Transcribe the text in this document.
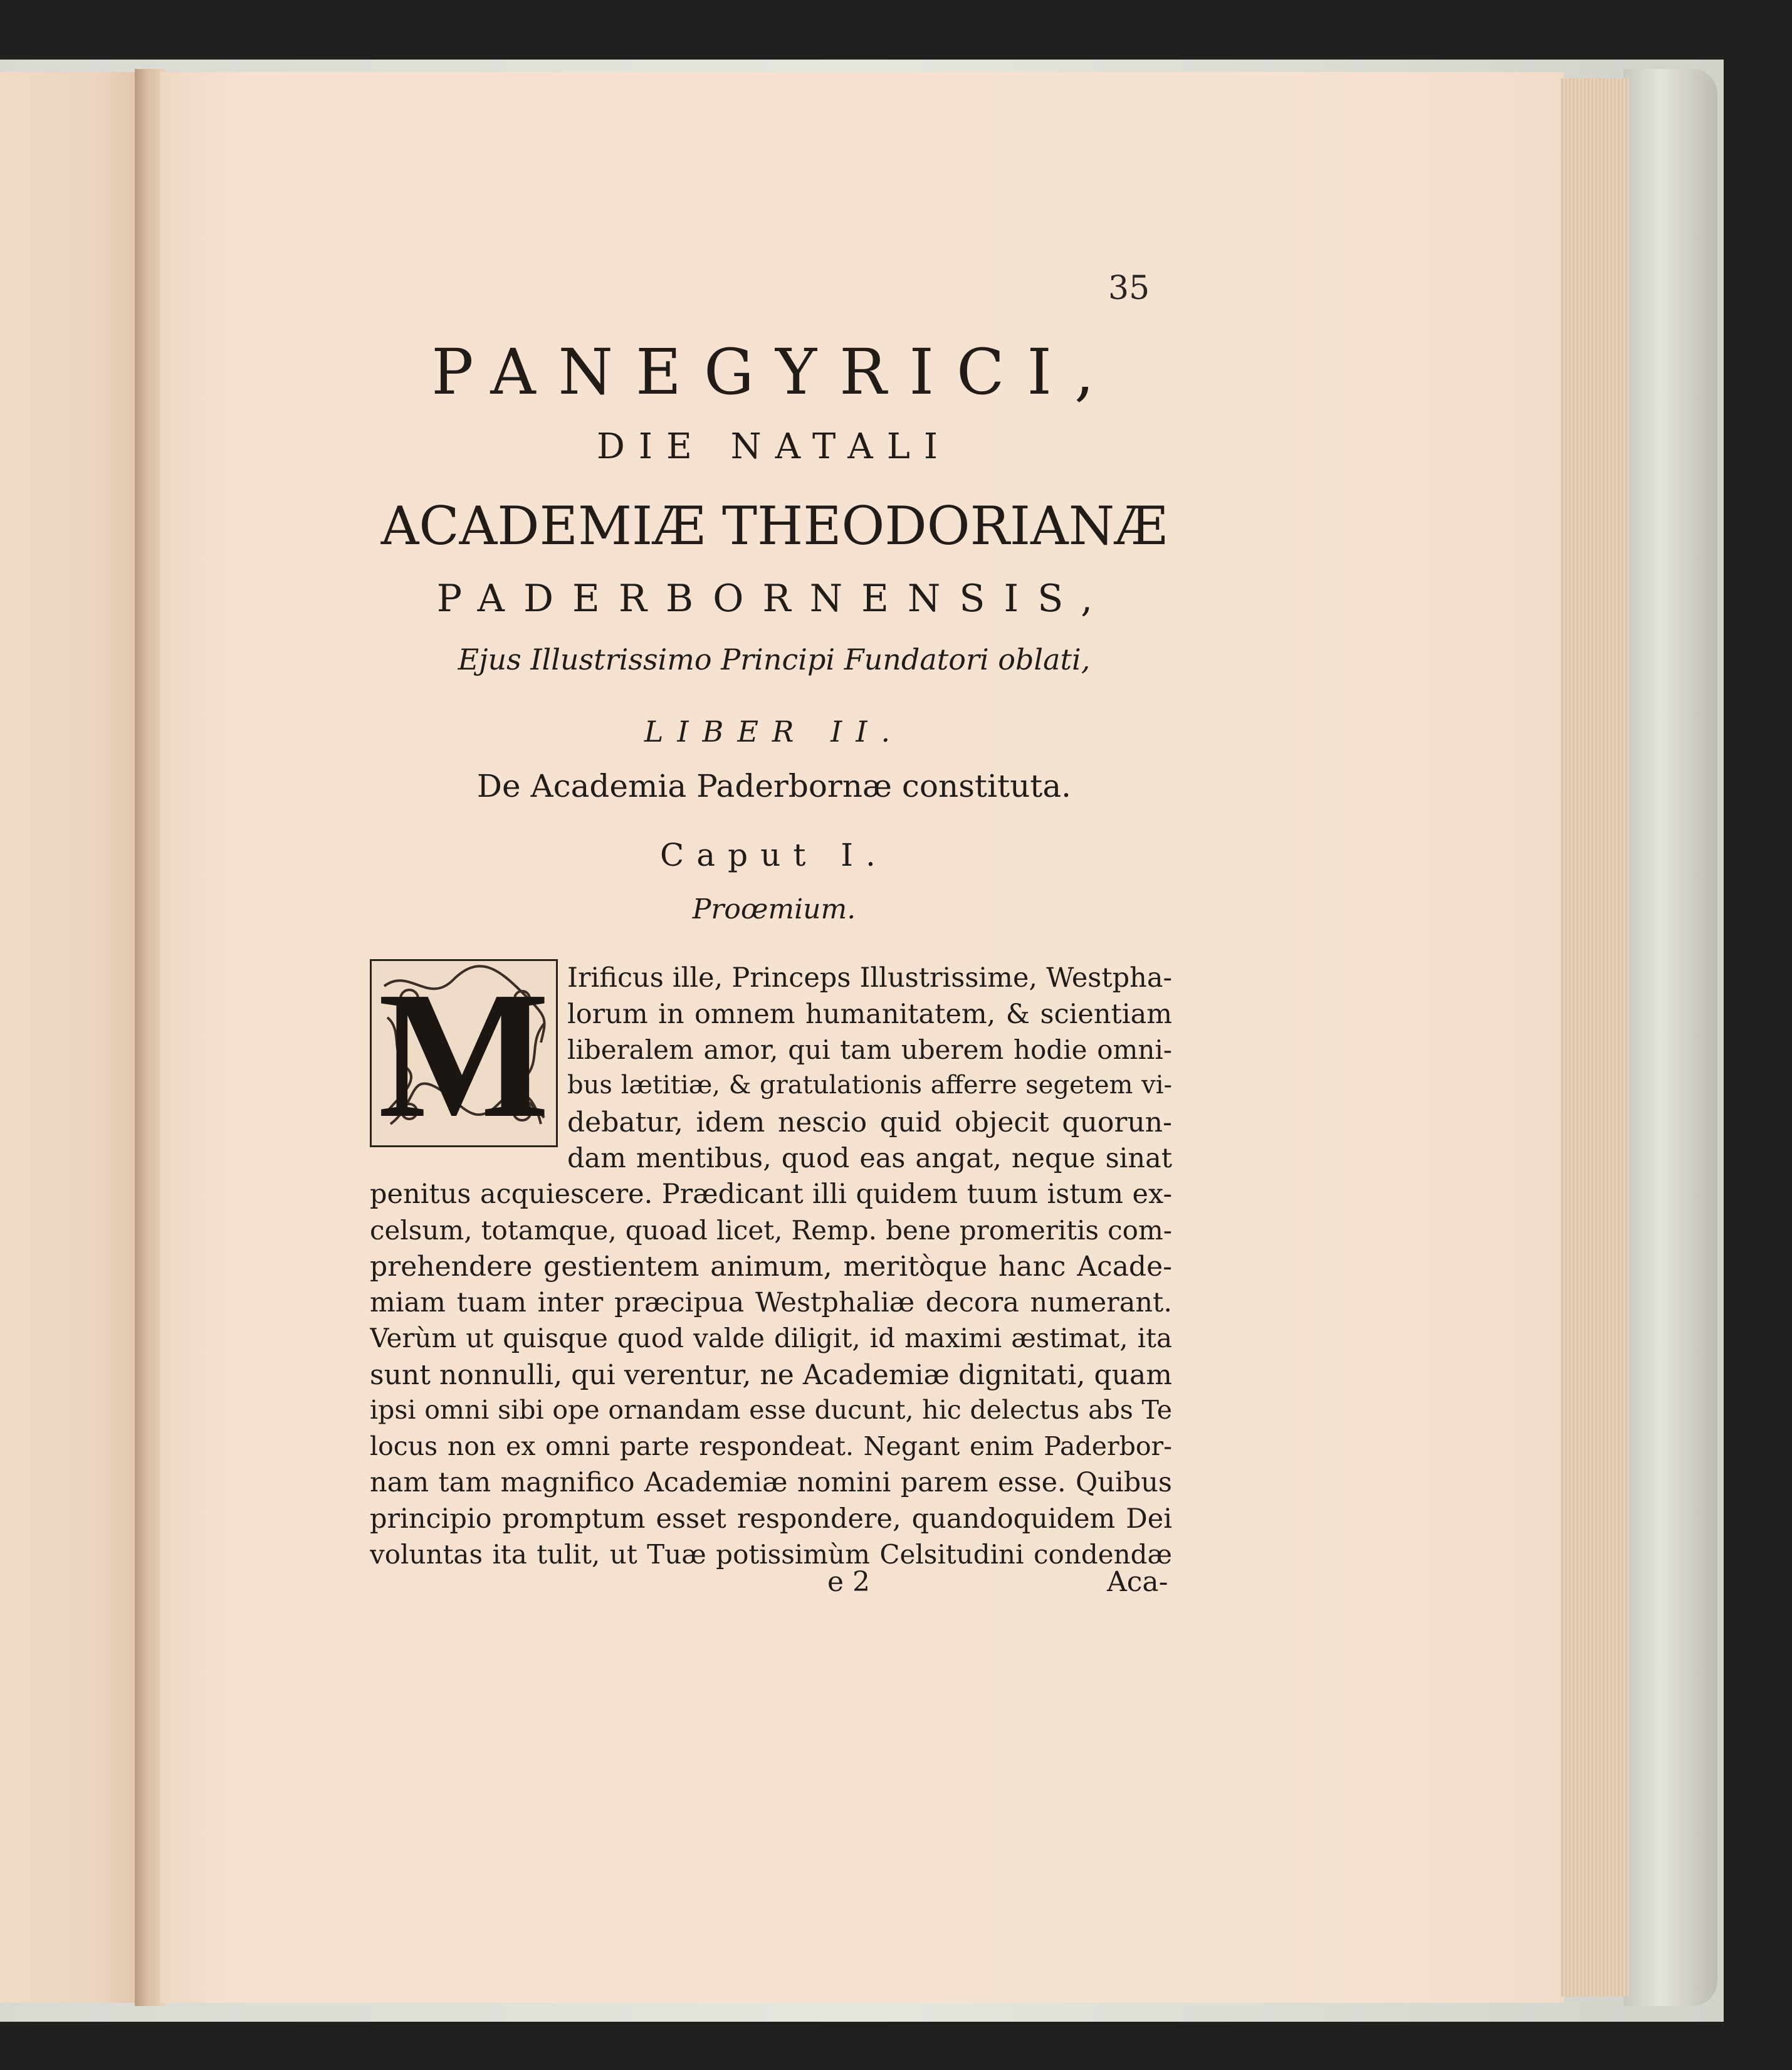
35
PANEGYRICI,
DIE NATALI
ACADEMIÆ THEODORIANÆ
PADERBORNENSIS,
Ejus Illustrissimo Principi Fundatori oblati,
LIBER II.
De Academia Paderbornæ constituta.
Caput I.
Proœmium.
M Irificus ille, Princeps Illustrissime, Westpha-
lorum in omnem humanitatem, & scientiam
liberalem amor, qui tam uberem hodie omni-
bus lætitiæ, & gratulationis afferre segetem vi-
debatur, idem nescio quid objecit quorun-
dam mentibus, quod eas angat, neque sinat
penitus acquiescere. Prædicant illi quidem tuum istum ex-
celsum, totamque, quoad licet, Remp. bene promeritis com-
prehendere gestientem animum, meritòque hanc Acade-
miam tuam inter præcipua Westphaliæ decora numerant.
Verùm ut quisque quod valde diligit, id maximi æstimat, ita
sunt nonnulli, qui verentur, ne Academiæ dignitati, quam
ipsi omni sibi ope ornandam esse ducunt, hic delectus abs Te
locus non ex omni parte respondeat. Negant enim Paderbor-
nam tam magnifico Academiæ nomini parem esse. Quibus
principio promptum esset respondere, quandoquidem Dei
voluntas ita tulit, ut Tuæ potissimùm Celsitudini condendæ
e 2	Aca-
